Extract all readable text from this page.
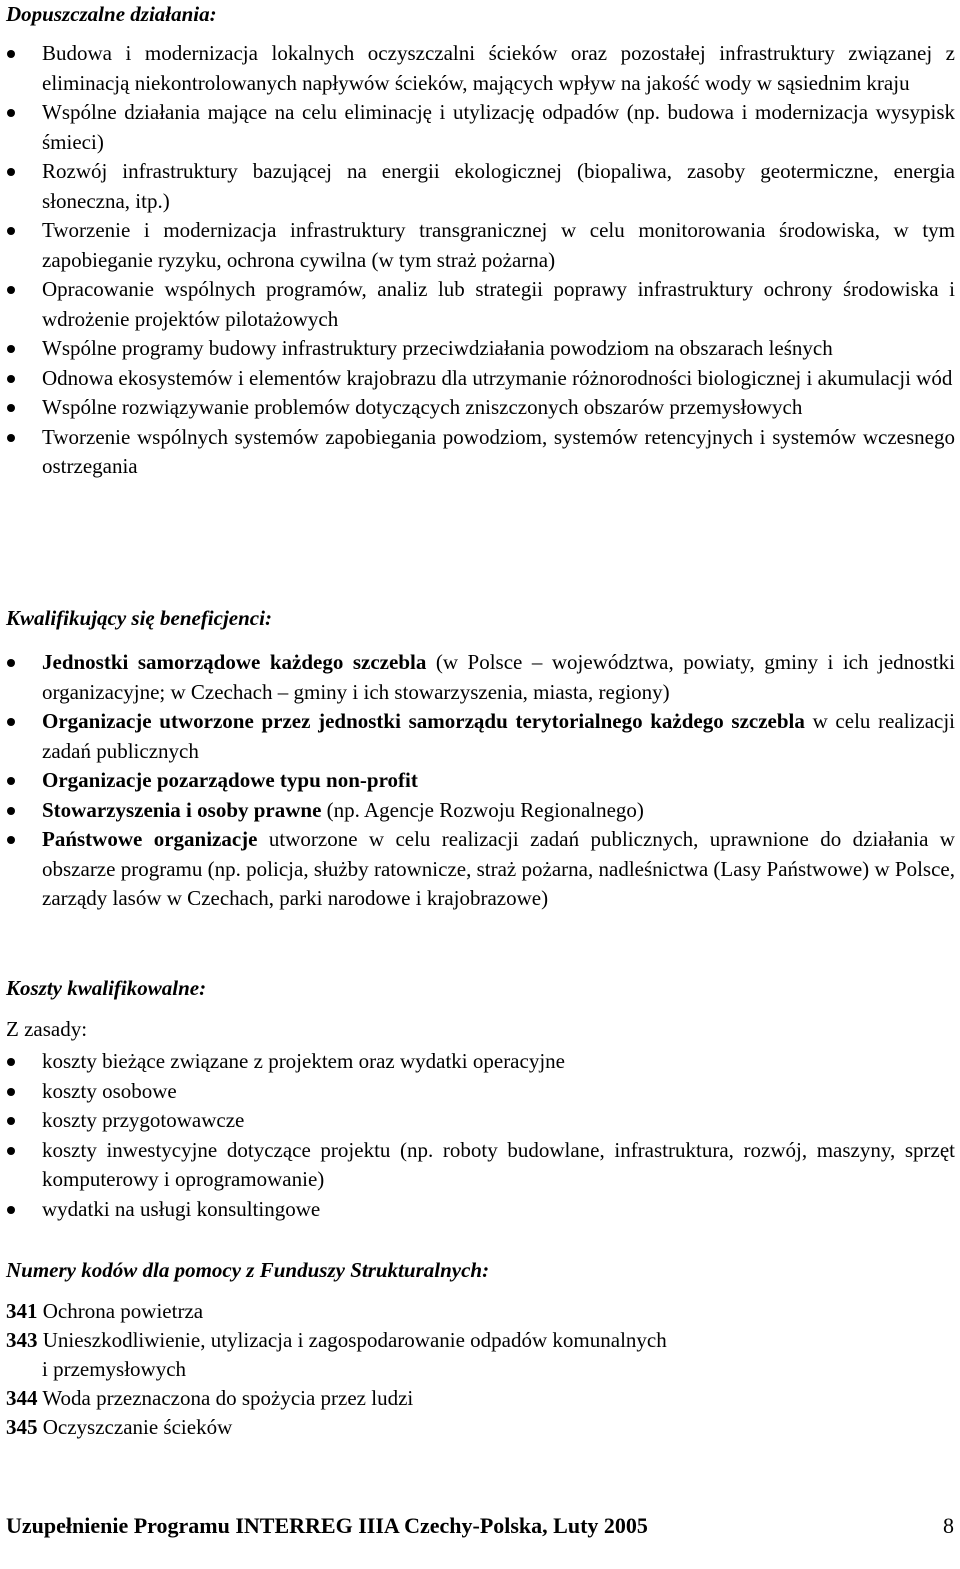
Dopuszczalne działania:
Budowa i modernizacja lokalnych oczyszczalni ścieków oraz pozostałej infrastruktury związanej z eliminacją niekontrolowanych napływów ścieków, mających wpływ na jakość wody w sąsiednim kraju
Wspólne działania mające na celu eliminację i utylizację odpadów (np. budowa i modernizacja wysypisk śmieci)
Rozwój infrastruktury bazującej na energii ekologicznej (biopaliwa, zasoby geotermiczne, energia słoneczna, itp.)
Tworzenie i modernizacja infrastruktury transgranicznej w celu monitorowania środowiska, w tym zapobieganie ryzyku, ochrona cywilna (w tym straż pożarna)
Opracowanie wspólnych programów, analiz lub strategii poprawy infrastruktury ochrony środowiska i wdrożenie projektów pilotażowych
Wspólne programy budowy infrastruktury przeciwdziałania powodziom na obszarach leśnych
Odnowa ekosystemów i elementów krajobrazu dla utrzymanie różnorodności biologicznej i akumulacji wód
Wspólne rozwiązywanie problemów dotyczących zniszczonych obszarów przemysłowych
Tworzenie wspólnych systemów zapobiegania powodziom, systemów retencyjnych i systemów wczesnego ostrzegania
Kwalifikujący się beneficjenci:
Jednostki samorządowe każdego szczebla (w Polsce – województwa, powiaty, gminy i ich jednostki organizacyjne; w Czechach – gminy i ich stowarzyszenia, miasta, regiony)
Organizacje utworzone przez jednostki samorządu terytorialnego każdego szczebla w celu realizacji zadań publicznych
Organizacje pozarządowe typu non-profit
Stowarzyszenia i osoby prawne (np. Agencje Rozwoju Regionalnego)
Państwowe organizacje utworzone w celu realizacji zadań publicznych, uprawnione do działania w obszarze programu (np. policja, służby ratownicze, straż pożarna, nadleśnictwa (Lasy Państwowe) w Polsce, zarządy lasów w Czechach, parki narodowe i krajobrazowe)
Koszty kwalifikowalne:
Z zasady:
koszty bieżące związane z projektem oraz wydatki operacyjne
koszty osobowe
koszty przygotowawcze
koszty inwestycyjne dotyczące projektu (np. roboty budowlane, infrastruktura, rozwój, maszyny, sprzęt komputerowy i oprogramowanie)
wydatki na usługi konsultingowe
Numery kodów dla pomocy z Funduszy Strukturalnych:
341 Ochrona powietrza
343 Unieszkodliwienie, utylizacja i zagospodarowanie odpadów komunalnych
i przemysłowych
344 Woda przeznaczona do spożycia przez ludzi
345 Oczyszczanie ścieków
Uzupełnienie Programu INTERREG IIIA Czechy-Polska, Luty 2005	8
